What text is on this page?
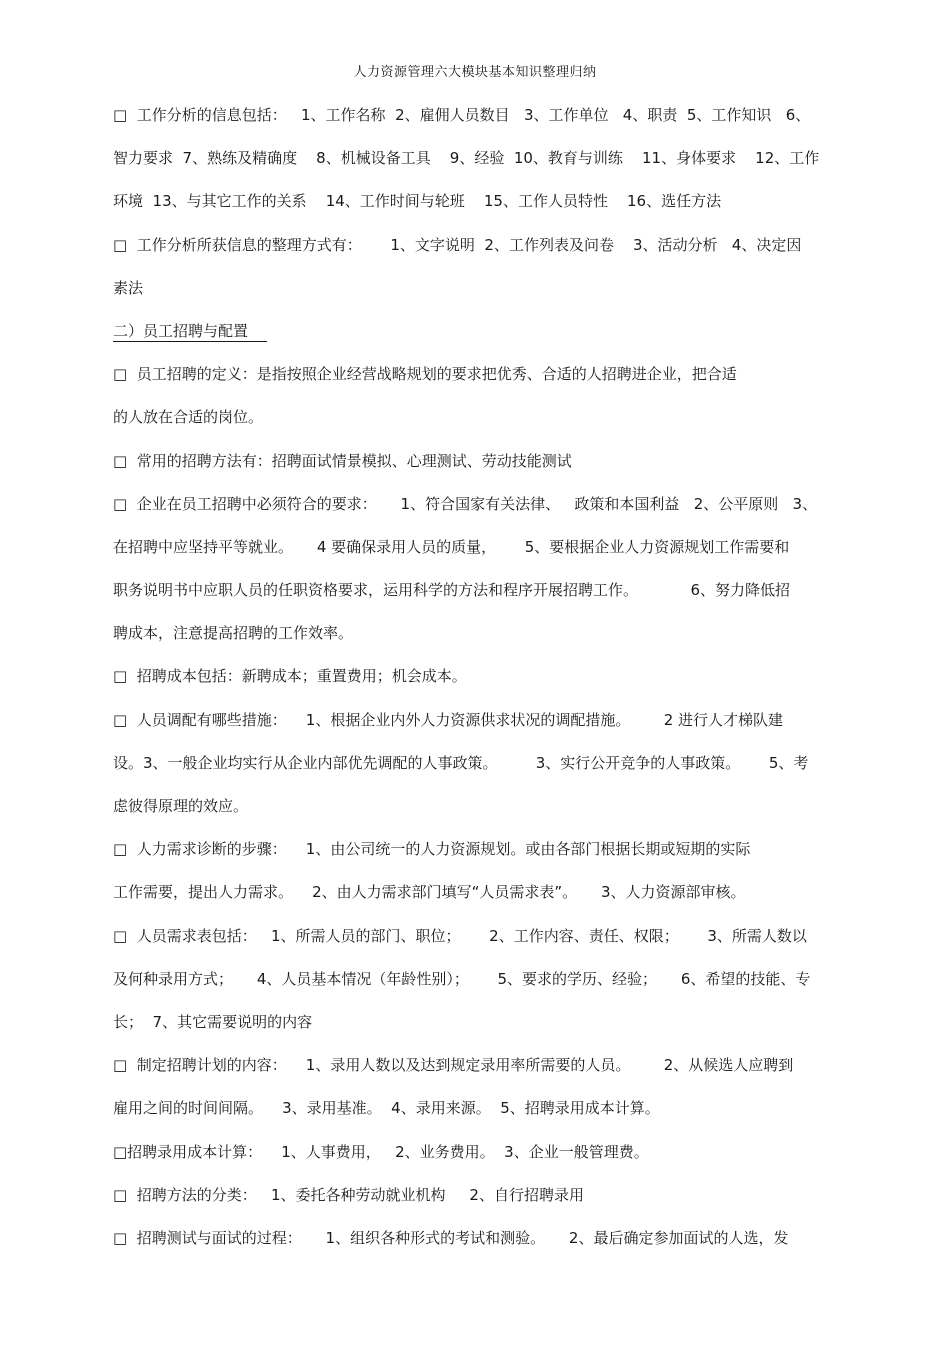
人力资源管理六大模块基本知识整理归纳
□  工作分析的信息包括：   1、工作名称  2、雇佣人员数目   3、工作单位   4、职责  5、工作知识   6、
智力要求  7、熟练及精确度    8、机械设备工具    9、经验  10、教育与训练    11、身体要求    12、工作
环境  13、与其它工作的关系    14、工作时间与轮班    15、工作人员特性    16、选任方法
□  工作分析所获信息的整理方式有：      1、文字说明  2、工作列表及问卷    3、活动分析   4、决定因
素法
二）员工招聘与配置
□  员工招聘的定义：是指按照企业经营战略规划的要求把优秀、合适的人招聘进企业，把合适
的人放在合适的岗位。
□  常用的招聘方法有：招聘面试情景模拟、心理测试、劳动技能测试
□  企业在员工招聘中必须符合的要求：     1、符合国家有关法律、   政策和本国利益   2、公平原则   3、
在招聘中应坚持平等就业。     4 要确保录用人员的质量，      5、要根据企业人力资源规划工作需要和
职务说明书中应职人员的任职资格要求，运用科学的方法和程序开展招聘工作。           6、努力降低招
聘成本，注意提高招聘的工作效率。
□  招聘成本包括：新聘成本；重置费用；机会成本。
□  人员调配有哪些措施：    1、根据企业内外人力资源供求状况的调配措施。       2 进行人才梯队建
设。3、一般企业均实行从企业内部优先调配的人事政策。        3、实行公开竞争的人事政策。      5、考
虑彼得原理的效应。
□  人力需求诊断的步骤：    1、由公司统一的人力资源规划。或由各部门根据长期或短期的实际
工作需要，提出人力需求。    2、由人力需求部门填写“人员需求表”。     3、人力资源部审核。
□  人员需求表包括：   1、所需人员的部门、职位；      2、工作内容、责任、权限；      3、所需人数以
及何种录用方式；     4、人员基本情况（年龄性别）；      5、要求的学历、经验；     6、希望的技能、专
长；  7、其它需要说明的内容
□  制定招聘计划的内容：    1、录用人数以及达到规定录用率所需要的人员。       2、从候选人应聘到
雇用之间的时间间隔。    3、录用基准。  4、录用来源。  5、招聘录用成本计算。
□招聘录用成本计算：    1、人事费用，   2、业务费用。  3、企业一般管理费。
□  招聘方法的分类：   1、委托各种劳动就业机构     2、自行招聘录用
□  招聘测试与面试的过程：     1、组织各种形式的考试和测验。     2、最后确定参加面试的人选，发
